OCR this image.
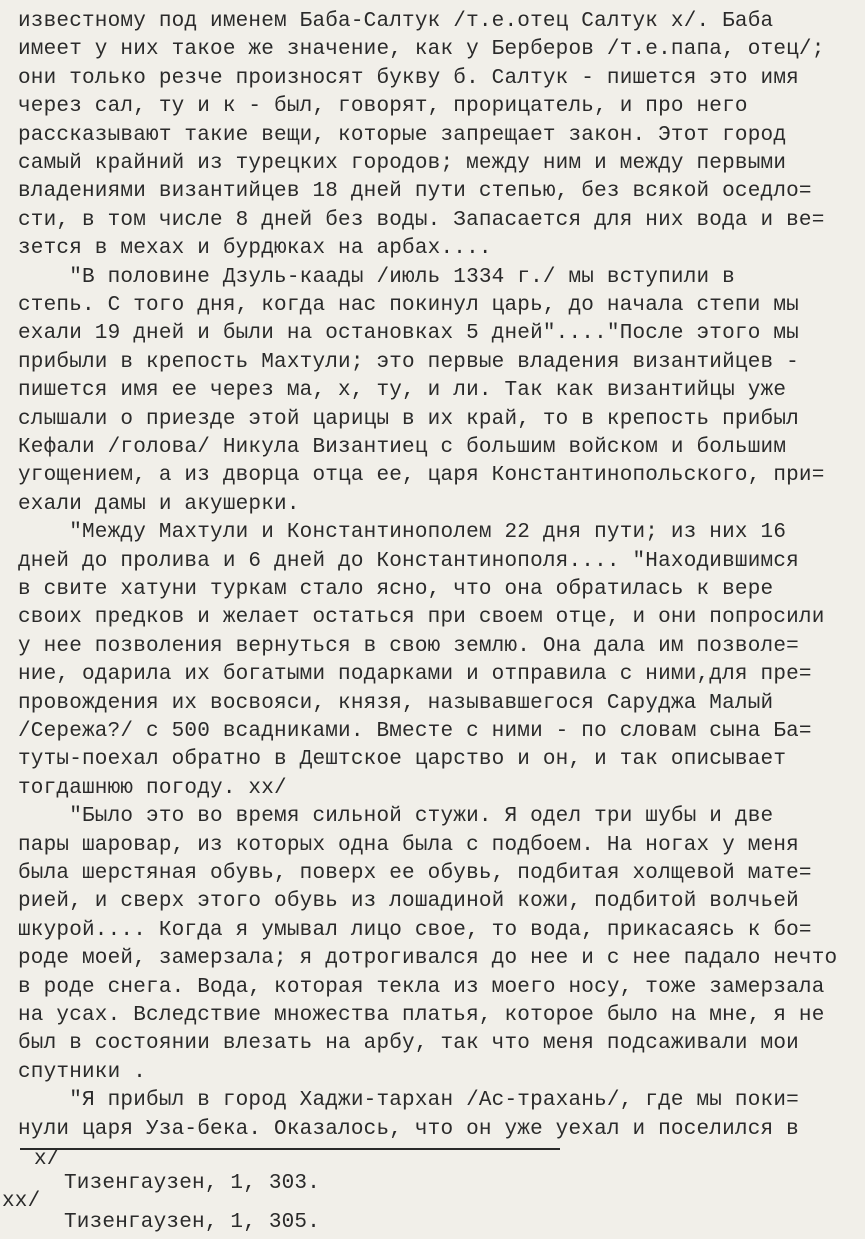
известному под именем Баба-Салтук /т.е.отец Салтук x/. Баба
имеет у них такое же значение, как у Берберов /т.е.папа, отец/;
они только резче произносят букву б. Салтук - пишется это имя
через сал, ту и к - был, говорят, прорицатель, и про него
рассказывают такие вещи, которые запрещает закон. Этот город
самый крайний из турецких городов; между ним и между первыми
владениями византийцев 18 дней пути степью, без всякой оседло=
сти, в том числе 8 дней без воды. Запасается для них вода и ве=
зется в мехах и бурдюках на арбах....
"В половине Дзуль-каады /июль 1334 г./ мы вступили в
степь. С того дня, когда нас покинул царь, до начала степи мы
ехали 19 дней и были на остановках 5 дней"...."После этого мы
прибыли в крепость Махтули; это первые владения византийцев -
пишется имя ее через ма, х, ту, и ли. Так как византийцы уже
слышали о приезде этой царицы в их край, то в крепость прибыл
Кефали /голова/ Никула Византиец с большим войском и большим
угощением, а из дворца отца ее, царя Константинопольского, при=
ехали дамы и акушерки.
"Между Махтули и Константинополем 22 дня пути; из них 16
дней до пролива и 6 дней до Константинополя.... "Находившимся
в свите хатуни туркам стало ясно, что она обратилась к вере
своих предков и желает остаться при своем отце, и они попросили
у нее позволения вернуться в свою землю. Она дала им позволе=
ние, одарила их богатыми подарками и отправила с ними,для пре=
провождения их восвояси, князя, называвшегося Саруджа Малый
/Сережа?/ с 500 всадниками. Вместе с ними - по словам сына Ба=
туты-поехал обратно в Дештское царство и он, и так описывает
тогдашнюю погоду. xx/
"Было это во время сильной стужи. Я одел три шубы и две
пары шаровар, из которых одна была с подбоем. На ногах у меня
была шерстяная обувь, поверх ее обувь, подбитая холщевой мате=
рией, и сверх этого обувь из лошадиной кожи, подбитой волчьей
шкурой.... Когда я умывал лицо свое, то вода, прикасаясь к бо=
роде моей, замерзала; я дотрогивался до нее и с нее падало нечто
в роде снега. Вода, которая текла из моего носу, тоже замерзала
на усах. Вследствие множества платья, которое было на мне, я не
был в состоянии влезать на арбу, так что меня подсаживали мои
спутники .
"Я прибыл в город Хаджи-тархан /Ас-трахань/, где мы поки=
нули царя Уза-бека. Оказалось, что он уже уехал и поселился в
x/
Тизенгаузен, 1, 303.
xx/
Тизенгаузен, 1, 305.
